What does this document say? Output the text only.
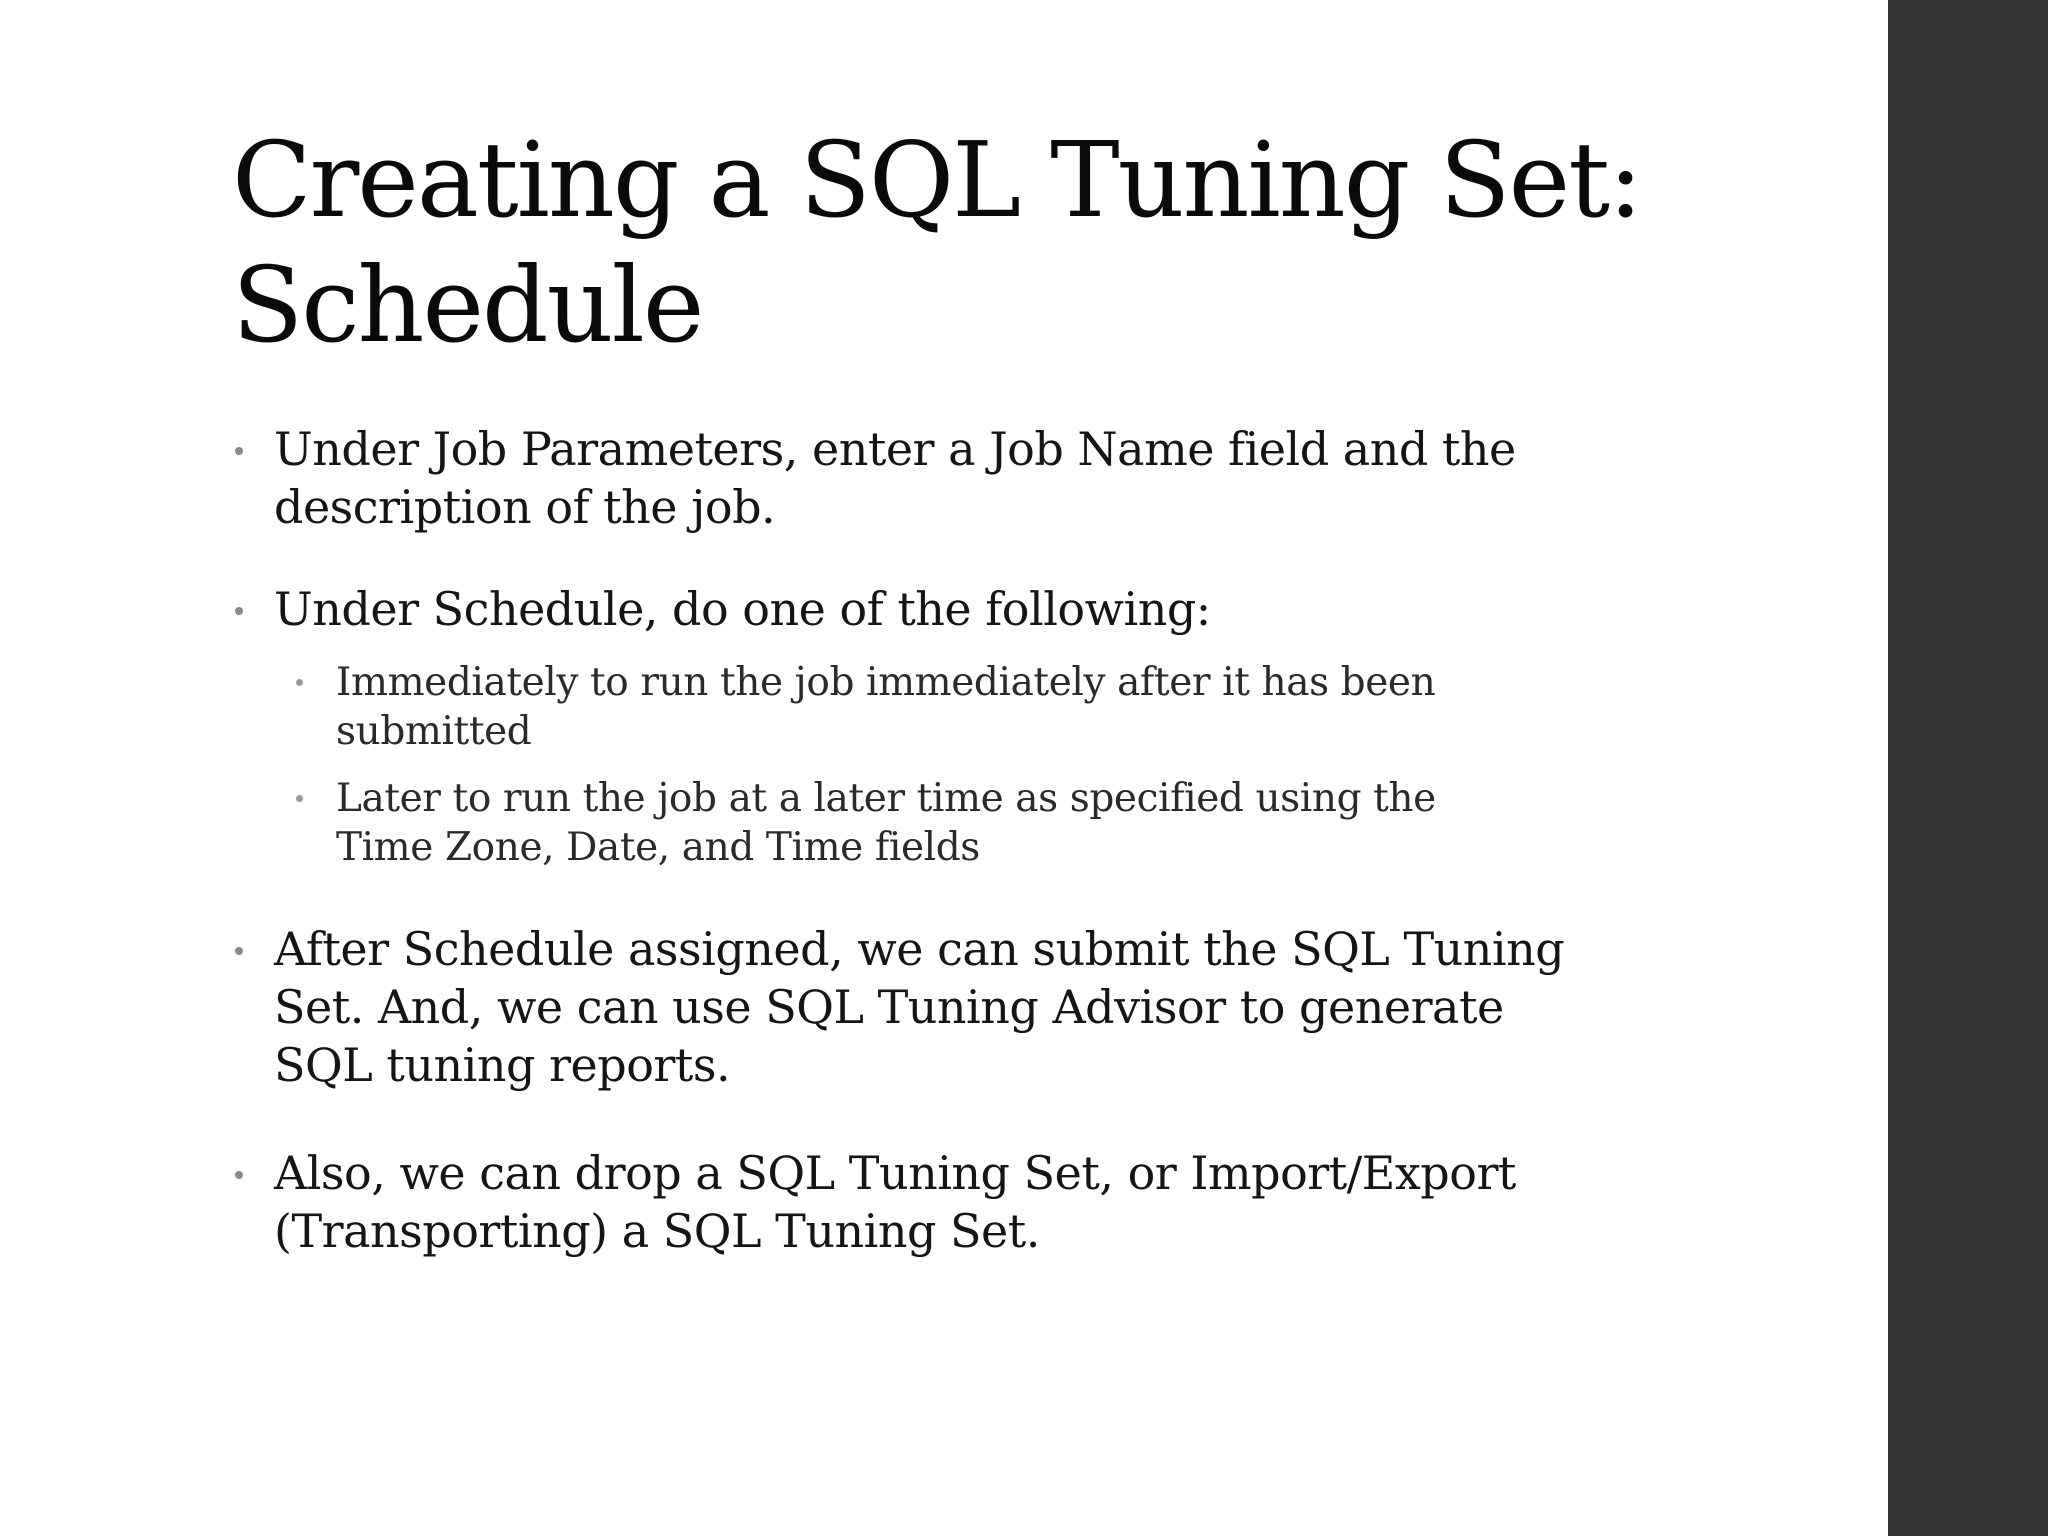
Creating a SQL Tuning Set:
Schedule
Under Job Parameters, enter a Job Name field and the
description of the job.
Under Schedule, do one of the following:
Immediately to run the job immediately after it has been
submitted
Later to run the job at a later time as specified using the
Time Zone, Date, and Time fields
After Schedule assigned, we can submit the SQL Tuning
Set. And, we can use SQL Tuning Advisor to generate
SQL tuning reports.
Also, we can drop a SQL Tuning Set, or Import/Export
(Transporting) a SQL Tuning Set.
